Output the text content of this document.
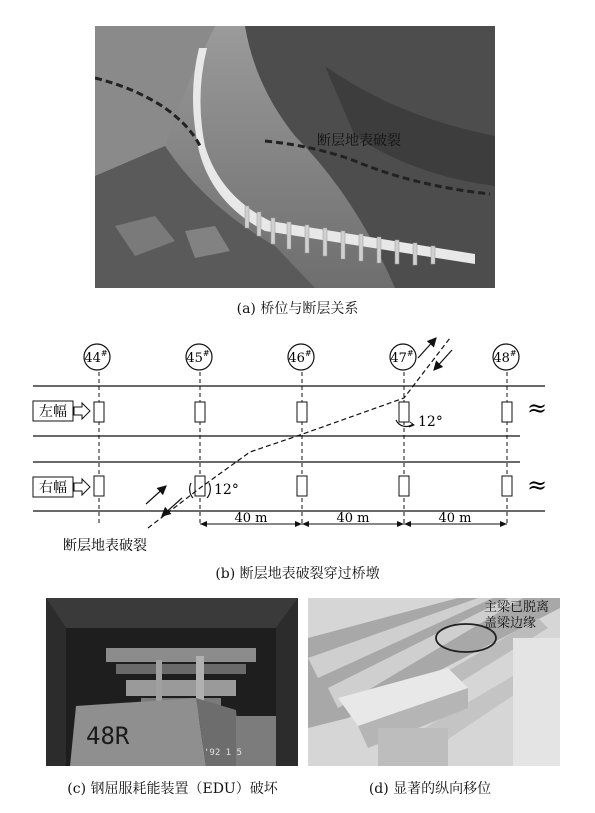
断层地表破裂
(a) 桥位与断层关系
44#	45#	46#	47#	48#
左幅
右幅
12°
12°
≈
≈
40 m	40 m	40 m
断层地表破裂
(b) 断层地表破裂穿过桥墩
48R
'92 1 5
(c) 钢屈服耗能装置（EDU）破坏
主梁已脱离
盖梁边缘
(d) 显著的纵向移位
